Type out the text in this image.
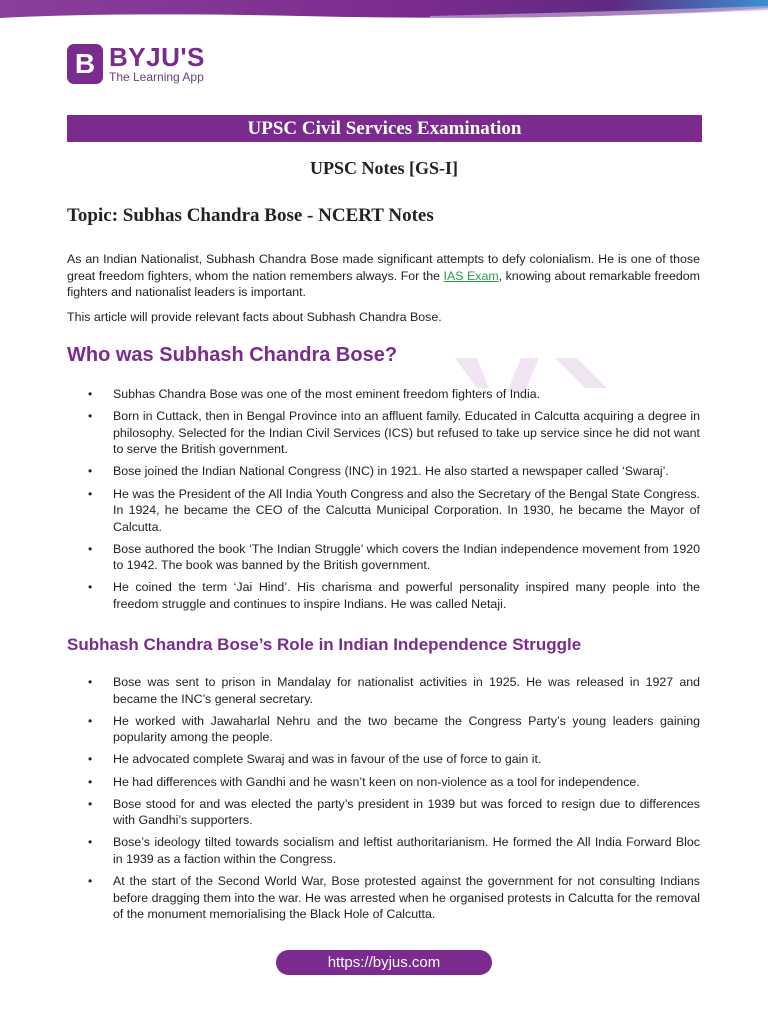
B BYJU'S
The Learning App
UPSC Civil Services Examination
UPSC Notes [GS-I]
Topic: Subhas Chandra Bose - NCERT Notes

As an Indian Nationalist, Subhash Chandra Bose made significant attempts to defy colonialism. He is one of those great freedom fighters, whom the nation remembers always. For the IAS Exam, knowing about remarkable freedom fighters and nationalist leaders is important.

This article will provide relevant facts about Subhash Chandra Bose.

Who was Subhash Chandra Bose?
• Subhas Chandra Bose was one of the most eminent freedom fighters of India.
• Born in Cuttack, then in Bengal Province into an affluent family. Educated in Calcutta acquiring a degree in philosophy. Selected for the Indian Civil Services (ICS) but refused to take up service since he did not want to serve the British government.
• Bose joined the Indian National Congress (INC) in 1921. He also started a newspaper called ‘Swaraj’.
• He was the President of the All India Youth Congress and also the Secretary of the Bengal State Congress. In 1924, he became the CEO of the Calcutta Municipal Corporation. In 1930, he became the Mayor of Calcutta.
• Bose authored the book ‘The Indian Struggle’ which covers the Indian independence movement from 1920 to 1942. The book was banned by the British government.
• He coined the term ‘Jai Hind’. His charisma and powerful personality inspired many people into the freedom struggle and continues to inspire Indians. He was called Netaji.
Subhash Chandra Bose’s Role in Indian Independence Struggle
• Bose was sent to prison in Mandalay for nationalist activities in 1925. He was released in 1927 and became the INC’s general secretary.
• He worked with Jawaharlal Nehru and the two became the Congress Party’s young leaders gaining popularity among the people.
• He advocated complete Swaraj and was in favour of the use of force to gain it.
• He had differences with Gandhi and he wasn’t keen on non-violence as a tool for independence.
• Bose stood for and was elected the party’s president in 1939 but was forced to resign due to differences with Gandhi’s supporters.
• Bose’s ideology tilted towards socialism and leftist authoritarianism. He formed the All India Forward Bloc in 1939 as a faction within the Congress.
• At the start of the Second World War, Bose protested against the government for not consulting Indians before dragging them into the war. He was arrested when he organised protests in Calcutta for the removal of the monument memorialising the Black Hole of Calcutta.
https://byjus.com
